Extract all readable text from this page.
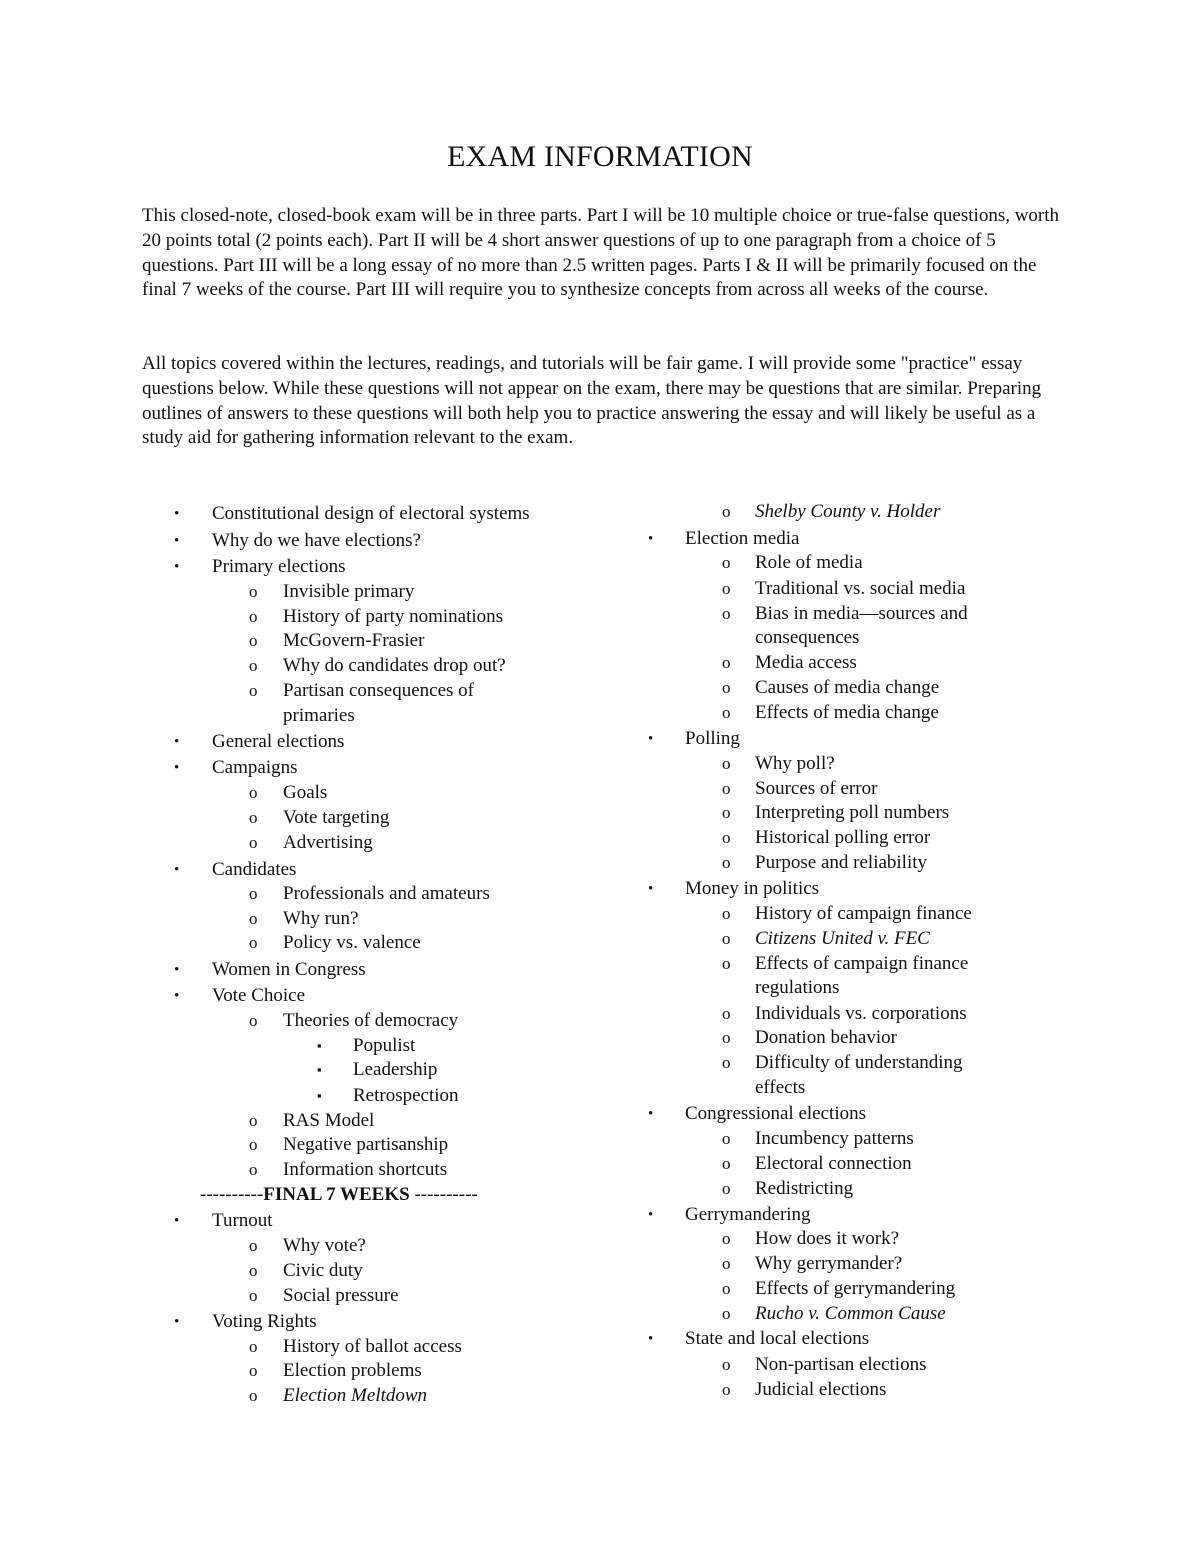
EXAM INFORMATION

This closed-note, closed-book exam will be in three parts. Part I will be 10 multiple choice or true-false questions, worth 20 points total (2 points each). Part II will be 4 short answer questions of up to one paragraph from a choice of 5 questions. Part III will be a long essay of no more than 2.5 written pages. Parts I & II will be primarily focused on the final 7 weeks of the course. Part III will require you to synthesize concepts from across all weeks of the course.

All topics covered within the lectures, readings, and tutorials will be fair game. I will provide some "practice" essay questions below. While these questions will not appear on the exam, there may be questions that are similar. Preparing outlines of answers to these questions will both help you to practice answering the essay and will likely be useful as a study aid for gathering information relevant to the exam.

----------FINAL 7 WEEKS ----------
• Constitutional design of electoral systems
• Why do we have elections?
• Primary elections
o Invisible primary
o History of party nominations
o McGovern-Frasier
o Why do candidates drop out?
o Partisan consequences of
primaries
• General elections
• Campaigns
o Goals
o Vote targeting
o Advertising
• Candidates
o Professionals and amateurs
o Why run?
o Policy vs. valence
• Women in Congress
• Vote Choice
o Theories of democracy
▪ Populist
▪ Leadership
▪ Retrospection
o RAS Model
o Negative partisanship
o Information shortcuts
• Turnout
o Why vote?
o Civic duty
o Social pressure
• Voting Rights
o History of ballot access
o Election problems
o Election Meltdown
o Shelby County v. Holder
• Election media
o Role of media
o Traditional vs. social media
o Bias in media—sources and
consequences
o Media access
o Causes of media change
o Effects of media change
• Polling
o Why poll?
o Sources of error
o Interpreting poll numbers
o Historical polling error
o Purpose and reliability
• Money in politics
o History of campaign finance
o Citizens United v. FEC
o Effects of campaign finance
regulations
o Individuals vs. corporations
o Donation behavior
o Difficulty of understanding
effects
• Congressional elections
o Incumbency patterns
o Electoral connection
o Redistricting
• Gerrymandering
o How does it work?
o Why gerrymander?
o Effects of gerrymandering
o Rucho v. Common Cause
• State and local elections
o Non-partisan elections
o Judicial elections
